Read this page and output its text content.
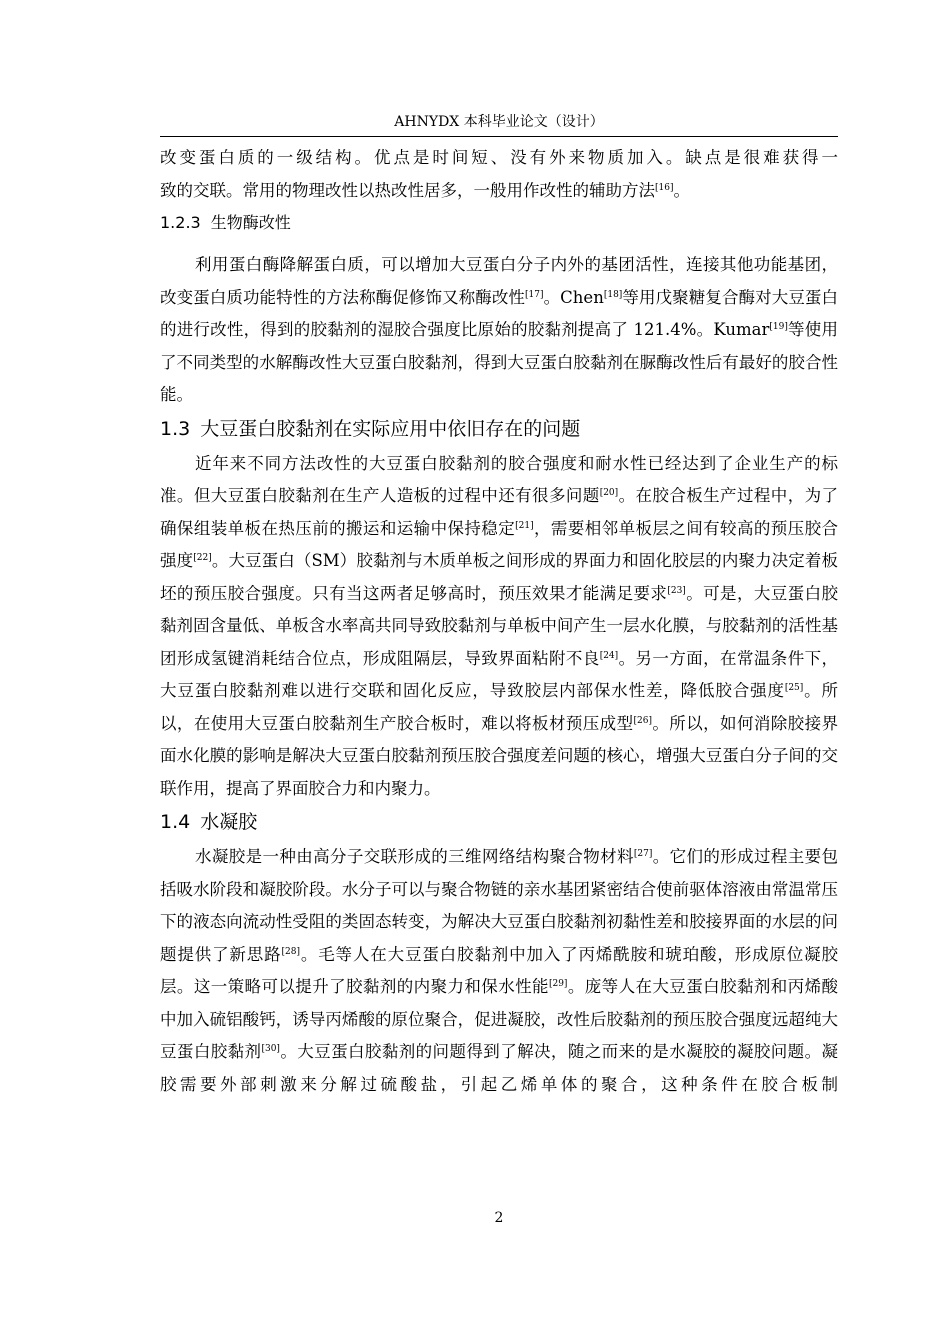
AHNYDX 本科毕业论文（设计）

改变蛋白质的一级结构。优点是时间短、没有外来物质加入。缺点是很难获得一

致的交联。常用的物理改性以热改性居多，一般用作改性的辅助方法[16]。

1.2.3 生物酶改性

利用蛋白酶降解蛋白质，可以增加大豆蛋白分子内外的基团活性，连接其他功能基团，改变蛋白质功能特性的方法称酶促修饰又称酶改性[17]。Chen[18]等用戊聚糖复合酶对大豆蛋白的进行改性，得到的胶黏剂的湿胶合强度比原始的胶黏剂提高了 121.4%。Kumar[19]等使用了不同类型的水解酶改性大豆蛋白胶黏剂，得到大豆蛋白胶黏剂在脲酶改性后有最好的胶合性能。

1.3 大豆蛋白胶黏剂在实际应用中依旧存在的问题

近年来不同方法改性的大豆蛋白胶黏剂的胶合强度和耐水性已经达到了企业生产的标准。但大豆蛋白胶黏剂在生产人造板的过程中还有很多问题[20]。在胶合板生产过程中，为了确保组装单板在热压前的搬运和运输中保持稳定[21]，需要相邻单板层之间有较高的预压胶合强度[22]。大豆蛋白（SM）胶黏剂与木质单板之间形成的界面力和固化胶层的内聚力决定着板坯的预压胶合强度。只有当这两者足够高时，预压效果才能满足要求[23]。可是，大豆蛋白胶黏剂固含量低、单板含水率高共同导致胶黏剂与单板中间产生一层水化膜，与胶黏剂的活性基团形成氢键消耗结合位点，形成阻隔层，导致界面粘附不良[24]。另一方面，在常温条件下，大豆蛋白胶黏剂难以进行交联和固化反应，导致胶层内部保水性差，降低胶合强度[25]。所以，在使用大豆蛋白胶黏剂生产胶合板时，难以将板材预压成型[26]。所以，如何消除胶接界面水化膜的影响是解决大豆蛋白胶黏剂预压胶合强度差问题的核心，增强大豆蛋白分子间的交联作用，提高了界面胶合力和内聚力。

1.4 水凝胶

水凝胶是一种由高分子交联形成的三维网络结构聚合物材料[27]。它们的形成过程主要包括吸水阶段和凝胶阶段。水分子可以与聚合物链的亲水基团紧密结合使前驱体溶液由常温常压下的液态向流动性受阻的类固态转变，为解决大豆蛋白胶黏剂初黏性差和胶接界面的水层的问题提供了新思路[28]。毛等人在大豆蛋白胶黏剂中加入了丙烯酰胺和琥珀酸，形成原位凝胶层。这一策略可以提升了胶黏剂的内聚力和保水性能[29]。庞等人在大豆蛋白胶黏剂和丙烯酸中加入硫铝酸钙，诱导丙烯酸的原位聚合，促进凝胶，改性后胶黏剂的预压胶合强度远超纯大豆蛋白胶黏剂[30]。大豆蛋白胶黏剂的问题得到了解决，随之而来的是水凝胶的凝胶问题。凝胶需要外部刺激来分解过硫酸盐，引起乙烯单体的聚合，这种条件在胶合板制

2
